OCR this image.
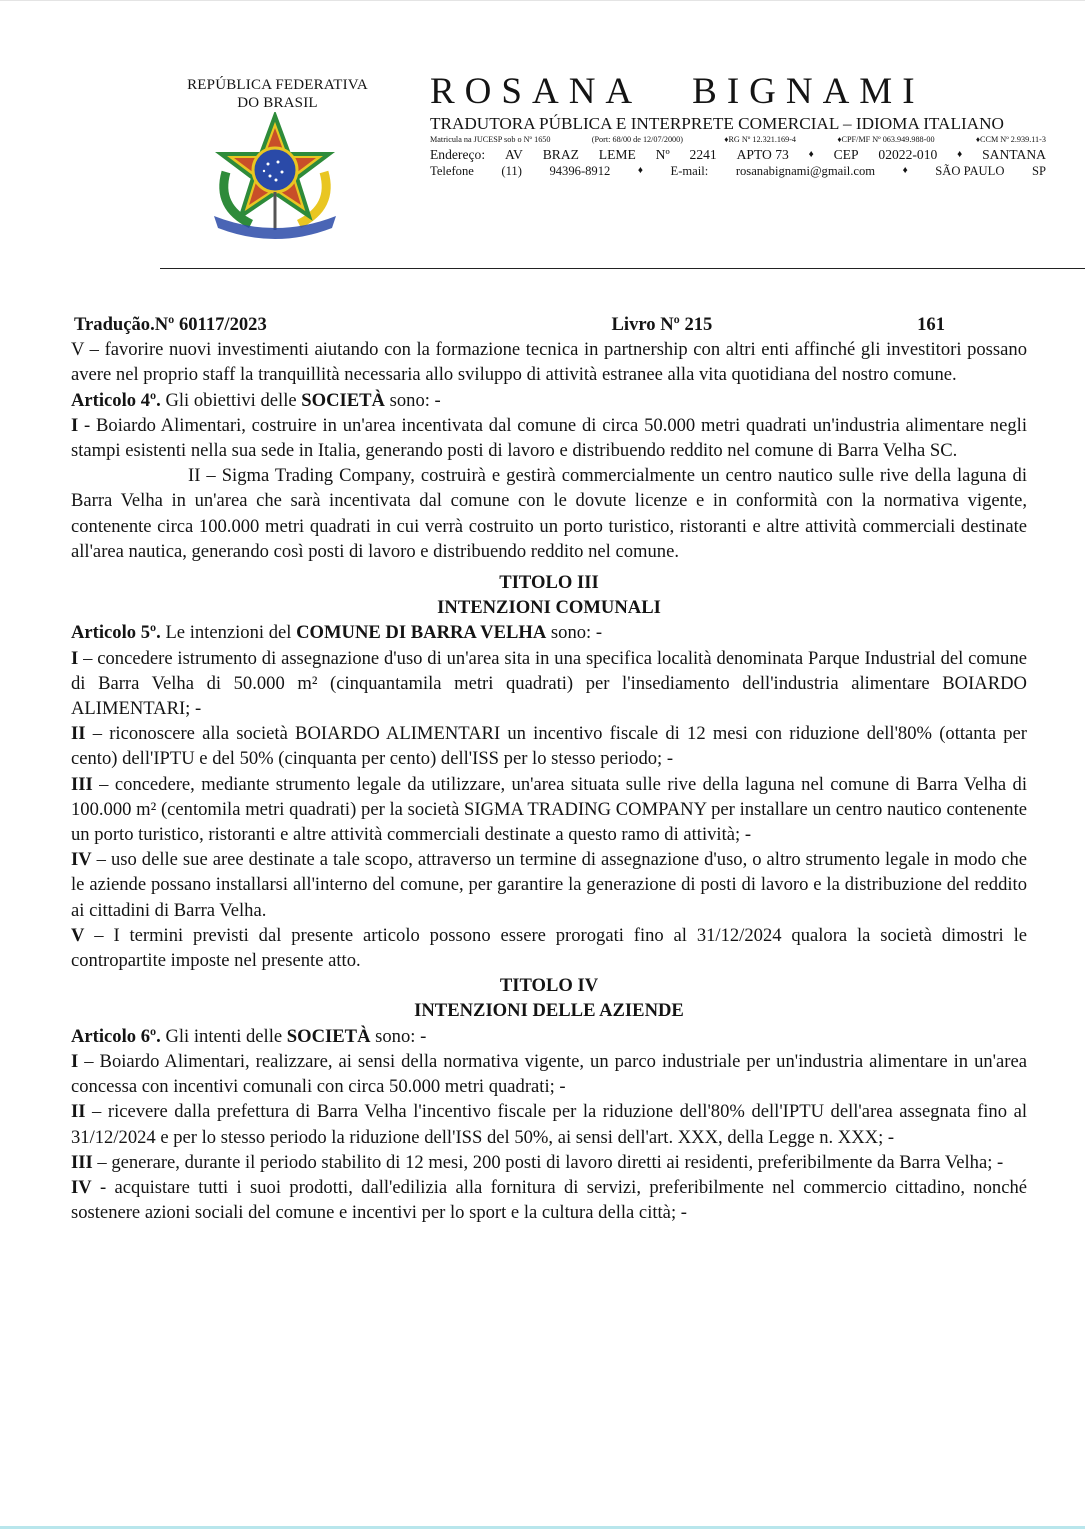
REPÚBLICA FEDERATIVA
DO BRASIL	ROSANA BIGNAMI
TRADUTORA PÚBLICA E INTERPRETE COMERCIAL – IDIOMA ITALIANO
Matricula na JUCESP sob o Nº 1650	(Port: 68/00 de 12/07/2000)	♦RG Nº 12.321.169-4	♦CPF/MF Nº 063.949.988-00	♦CCM Nº 2.939.11-3
Endereço: AV BRAZ LEME Nº 2241 APTO 73 ♦ CEP 02022-010 ♦ SANTANA
Telefone (11) 94396-8912	♦ E-mail: rosanabignami@gmail.com	♦ SÃO PAULO SP
Tradução.Nº 60117/2023	Livro Nº 215	161

V – favorire nuovi investimenti aiutando con la formazione tecnica in partnership con altri enti affinché gli investitori possano avere nel proprio staff la tranquillità necessaria allo sviluppo di attività estranee alla vita quotidiana del nostro comune.

Articolo 4º. Gli obiettivi delle SOCIETÀ sono: -

I - Boiardo Alimentari, costruire in un'area incentivata dal comune di circa 50.000 metri quadrati un'industria alimentare negli stampi esistenti nella sua sede in Italia, generando posti di lavoro e distribuendo reddito nel comune di Barra Velha SC.

II – Sigma Trading Company, costruirà e gestirà commercialmente un centro nautico sulle rive della laguna di Barra Velha in un'area che sarà incentivata dal comune con le dovute licenze e in conformità con la normativa vigente, contenente circa 100.000 metri quadrati in cui verrà costruito un porto turistico, ristoranti e altre attività commerciali destinate all'area nautica, generando così posti di lavoro e distribuendo reddito nel comune.

TITOLO III

INTENZIONI COMUNALI

Articolo 5º. Le intenzioni del COMUNE DI BARRA VELHA sono: -

I – concedere istrumento di assegnazione d'uso di un'area sita in una specifica località denominata Parque Industrial del comune di Barra Velha di 50.000 m² (cinquantamila metri quadrati) per l'insediamento dell'industria alimentare BOIARDO ALIMENTARI; -

II – riconoscere alla società BOIARDO ALIMENTARI un incentivo fiscale di 12 mesi con riduzione dell'80% (ottanta per cento) dell'IPTU e del 50% (cinquanta per cento) dell'ISS per lo stesso periodo; -

III – concedere, mediante strumento legale da utilizzare, un'area situata sulle rive della laguna nel comune di Barra Velha di 100.000 m² (centomila metri quadrati) per la società SIGMA TRADING COMPANY per installare un centro nautico contenente un porto turistico, ristoranti e altre attività commerciali destinate a questo ramo di attività; -

IV – uso delle sue aree destinate a tale scopo, attraverso un termine di assegnazione d'uso, o altro strumento legale in modo che le aziende possano installarsi all'interno del comune, per garantire la generazione di posti di lavoro e la distribuzione del reddito ai cittadini di Barra Velha.

V – I termini previsti dal presente articolo possono essere prorogati fino al 31/12/2024 qualora la società dimostri le contropartite imposte nel presente atto.

TITOLO IV

INTENZIONI DELLE AZIENDE

Articolo 6º. Gli intenti delle SOCIETÀ sono: -

I – Boiardo Alimentari, realizzare, ai sensi della normativa vigente, un parco industriale per un'industria alimentare in un'area concessa con incentivi comunali con circa 50.000 metri quadrati; -

II – ricevere dalla prefettura di Barra Velha l'incentivo fiscale per la riduzione dell'80% dell'IPTU dell'area assegnata fino al 31/12/2024 e per lo stesso periodo la riduzione dell'ISS del 50%, ai sensi dell'art. XXX, della Legge n. XXX; -

III – generare, durante il periodo stabilito di 12 mesi, 200 posti di lavoro diretti ai residenti, preferibilmente da Barra Velha; -

IV - acquistare tutti i suoi prodotti, dall'edilizia alla fornitura di servizi, preferibilmente nel commercio cittadino, nonché sostenere azioni sociali del comune e incentivi per lo sport e la cultura della città; -
